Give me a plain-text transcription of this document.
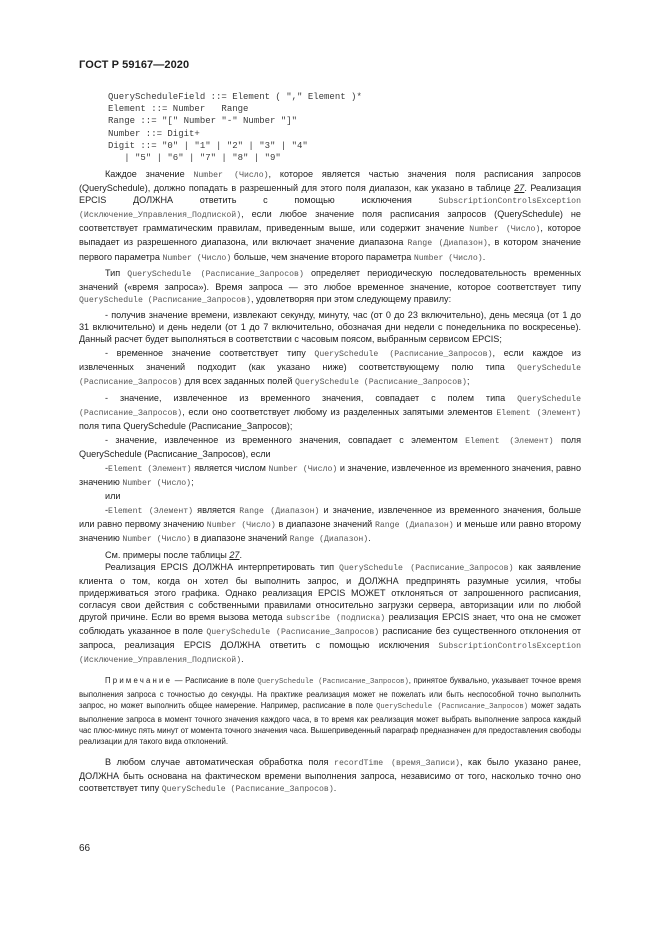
ГОСТ Р 59167—2020
QueryScheduleField ::= Element ( "," Element )*
Element ::= Number   Range
Range ::= "[" Number "-" Number "]"
Number ::= Digit+
Digit ::= "0" | "1" | "2" | "3" | "4"
| "5" | "6" | "7" | "8" | "9"

Каждое значение Number (Число), которое является частью значения поля расписания запросов (QuerySchedule), должно попадать в разрешенный для этого поля диапазон, как указано в таблице 27. Реализация EPCIS ДОЛЖНА ответить с помощью исключения	SubscriptionControlsException (Исключение_Управления_Подпиской), если любое значение поля расписания запросов (QuerySchedule) не соответствует грамматическим правилам, приведенным выше, или содержит значение Number (Число), которое выпадает из разрешенного диапазона, или включает значение диапазона Range (Диапазон), в котором значение первого параметра Number (Число) больше, чем значение второго параметра Number (Число).

Тип QuerySchedule (Расписание_Запросов) определяет периодическую последовательность временных значений («время запроса»). Время запроса — это любое временное значение, которое соответствует типу QuerySchedule (Расписание_Запросов), удовлетворяя при этом следующему правилу:

- получив значение времени, извлекают секунду, минуту, час (от 0 до 23 включительно), день месяца (от 1 до 31 включительно) и день недели (от 1 до 7 включительно, обозначая дни недели с понедельника по воскресенье). Данный расчет будет выполняться в соответствии с часовым поясом, выбранным сервисом EPCIS;

- временное значение соответствует типу QuerySchedule (Расписание_Запросов), если каждое из извлеченных значений подходит (как указано ниже) соответствующему полю типа QuerySchedule (Расписание_Запросов) для всех заданных полей QuerySchedule (Расписание_Запросов);

- значение, извлеченное из временного значения, совпадает с полем типа QuerySchedule (Расписание_Запросов), если оно соответствует любому из разделенных запятыми элементов Element (Элемент) поля типа QuerySchedule (Расписание_Запросов);

- значение, извлеченное из временного значения, совпадает с элементом Element (Элемент) поля QuerySchedule (Расписание_Запросов), если

-Element (Элемент) является числом Number (Число) и значение, извлеченное из временного значения, равно значению Number (Число);

или

-Element (Элемент) является Range (Диапазон) и значение, извлеченное из временного значения, больше или равно первому значению Number (Число) в диапазоне значений Range (Диапазон) и меньше или равно второму значению Number (Число) в диапазоне значений Range (Диапазон).

См. примеры после таблицы 27.

Реализация EPCIS ДОЛЖНА интерпретировать тип QuerySchedule (Расписание_Запросов) как заявление клиента о том, когда он хотел бы выполнить запрос, и ДОЛЖНА предпринять разумные усилия, чтобы придерживаться этого графика. Однако реализация EPCIS МОЖЕТ отклоняться от запрошенного расписания, согласуя свои действия с собственными правилами относительно загрузки сервера, авторизации или по любой другой причине. Если во время вызова метода subscribe (подписка) реализация EPCIS знает, что она не сможет соблюдать указанное в поле QuerySchedule (Расписание_Запросов) расписание без существенного отклонения от запроса, реализация EPCIS ДОЛЖНА ответить с помощью исключения SubscriptionControlsException (Исключение_Управления_Подпиской).

Примечание — Расписание в поле QuerySchedule (Расписание_Запросов), принятое буквально, указывает точное время выполнения запроса с точностью до секунды. На практике реализация может не пожелать или быть неспособной точно выполнить запрос, но может выполнить общее намерение. Например, расписание в поле QuerySchedule (Расписание_Запросов) может задать выполнение запроса в момент точного значения каждого часа, в то время как реализация может выбрать выполнение запроса каждый час плюс-минус пять минут от момента точного значения часа. Вышеприведенный параграф предназначен для предоставления свободы реализации для такого вида отклонений.

В любом случае автоматическая обработка поля recordTime (время_Записи), как было указано ранее, ДОЛЖНА быть основана на фактическом времени выполнения запроса, независимо от того, насколько точно оно соответствует типу QuerySchedule (Расписание_Запросов).

66
